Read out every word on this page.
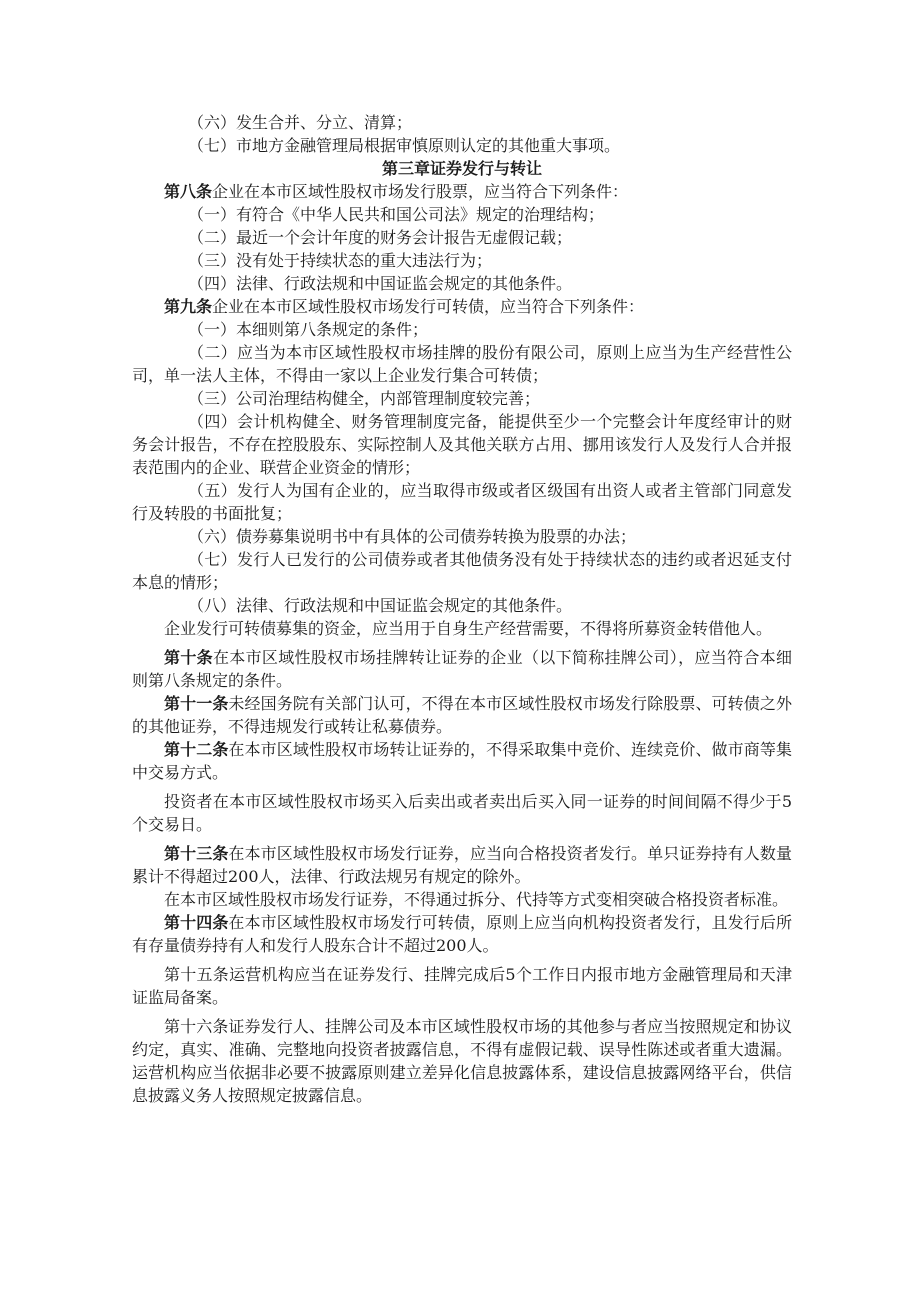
（六）发生合并、分立、清算；

（七）市地方金融管理局根据审慎原则认定的其他重大事项。

第三章证券发行与转让

第八条企业在本市区域性股权市场发行股票，应当符合下列条件：

（一）有符合《中华人民共和国公司法》规定的治理结构；

（二）最近一个会计年度的财务会计报告无虚假记载；

（三）没有处于持续状态的重大违法行为；

（四）法律、行政法规和中国证监会规定的其他条件。

第九条企业在本市区域性股权市场发行可转债，应当符合下列条件：

（一）本细则第八条规定的条件；

（二）应当为本市区域性股权市场挂牌的股份有限公司，原则上应当为生产经营性公司，单一法人主体，不得由一家以上企业发行集合可转债；

（三）公司治理结构健全，内部管理制度较完善；

（四）会计机构健全、财务管理制度完备，能提供至少一个完整会计年度经审计的财务会计报告，不存在控股股东、实际控制人及其他关联方占用、挪用该发行人及发行人合并报表范围内的企业、联营企业资金的情形；

（五）发行人为国有企业的，应当取得市级或者区级国有出资人或者主管部门同意发行及转股的书面批复；

（六）债券募集说明书中有具体的公司债券转换为股票的办法；

（七）发行人已发行的公司债券或者其他债务没有处于持续状态的违约或者迟延支付本息的情形；

（八）法律、行政法规和中国证监会规定的其他条件。

企业发行可转债募集的资金，应当用于自身生产经营需要，不得将所募资金转借他人。

第十条在本市区域性股权市场挂牌转让证券的企业（以下简称挂牌公司），应当符合本细则第八条规定的条件。

第十一条未经国务院有关部门认可，不得在本市区域性股权市场发行除股票、可转债之外的其他证券，不得违规发行或转让私募债券。

第十二条在本市区域性股权市场转让证券的，不得采取集中竞价、连续竞价、做市商等集中交易方式。

投资者在本市区域性股权市场买入后卖出或者卖出后买入同一证券的时间间隔不得少于5个交易日。

第十三条在本市区域性股权市场发行证券，应当向合格投资者发行。单只证券持有人数量累计不得超过200人，法律、行政法规另有规定的除外。

在本市区域性股权市场发行证券，不得通过拆分、代持等方式变相突破合格投资者标准。

第十四条在本市区域性股权市场发行可转债，原则上应当向机构投资者发行，且发行后所有存量债券持有人和发行人股东合计不超过200人。

第十五条运营机构应当在证券发行、挂牌完成后5个工作日内报市地方金融管理局和天津证监局备案。

第十六条证券发行人、挂牌公司及本市区域性股权市场的其他参与者应当按照规定和协议约定，真实、准确、完整地向投资者披露信息，不得有虚假记载、误导性陈述或者重大遗漏。运营机构应当依据非必要不披露原则建立差异化信息披露体系，建设信息披露网络平台，供信息披露义务人按照规定披露信息。
